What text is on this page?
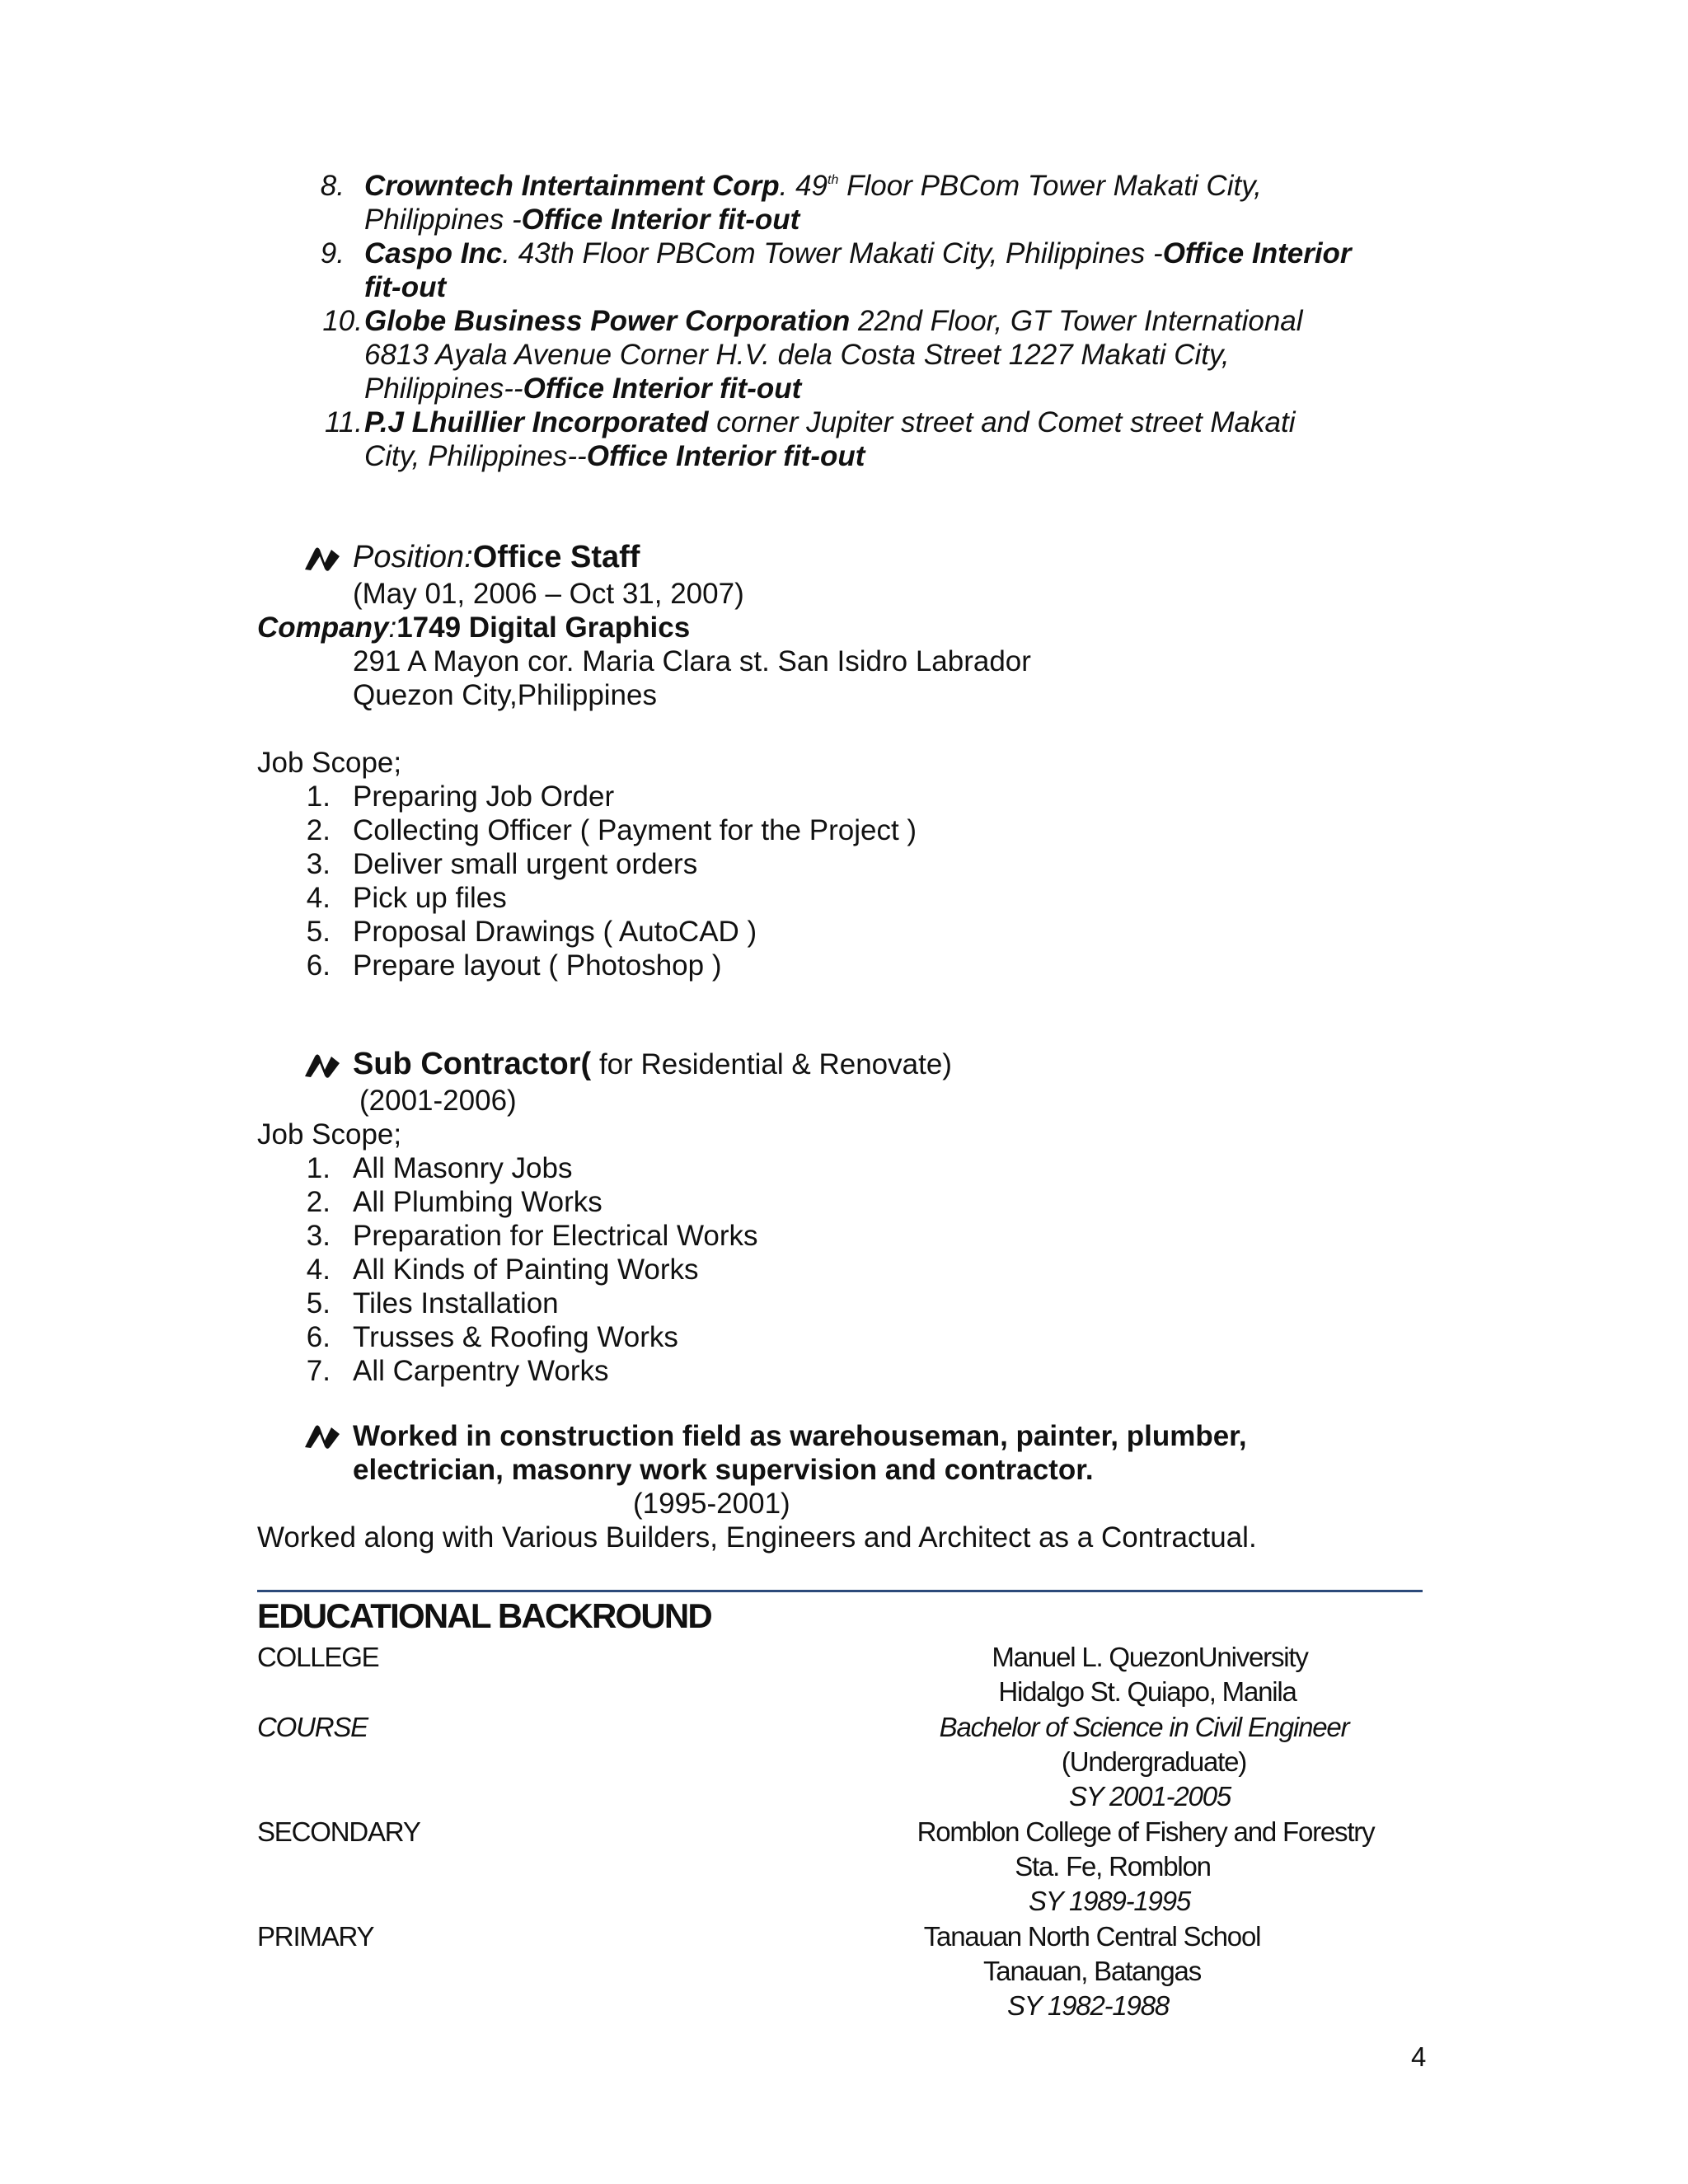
8. Crowntech Intertainment Corp. 49th Floor PBCom Tower Makati City,
Philippines -Office Interior fit-out
9. Caspo Inc. 43th Floor PBCom Tower Makati City, Philippines -Office Interior
fit-out
10. Globe Business Power Corporation 22nd Floor, GT Tower International
6813 Ayala Avenue Corner H.V. dela Costa Street 1227 Makati City,
Philippines--Office Interior fit-out
11. P.J Lhuillier Incorporated corner Jupiter street and Comet street Makati
City, Philippines--Office Interior fit-out
Position:Office Staff
(May 01, 2006 – Oct 31, 2007)
Company:1749 Digital Graphics
291 A Mayon cor. Maria Clara st. San Isidro Labrador
Quezon City,Philippines
Job Scope;
1. Preparing Job Order
2. Collecting Officer ( Payment for the Project )
3. Deliver small urgent orders
4. Pick up files
5. Proposal Drawings ( AutoCAD )
6. Prepare layout ( Photoshop )
Sub Contractor( for Residential & Renovate)
(2001-2006)
Job Scope;
1. All Masonry Jobs
2. All Plumbing Works
3. Preparation for Electrical Works
4. All Kinds of Painting Works
5. Tiles Installation
6. Trusses & Roofing Works
7. All Carpentry Works
Worked in construction field as warehouseman, painter, plumber,
electrician, masonry work supervision and contractor.
(1995-2001)
Worked along with Various Builders, Engineers and Architect as a Contractual.
EDUCATIONAL BACKROUND
COLLEGE	Manuel L. QuezonUniversity
Hidalgo St. Quiapo, Manila
COURSE	Bachelor of Science in Civil Engineer
(Undergraduate)
SY 2001-2005
SECONDARY	Romblon College of Fishery and Forestry
Sta. Fe, Romblon
SY 1989-1995
PRIMARY	Tanauan North Central School
Tanauan, Batangas
SY 1982-1988
4
